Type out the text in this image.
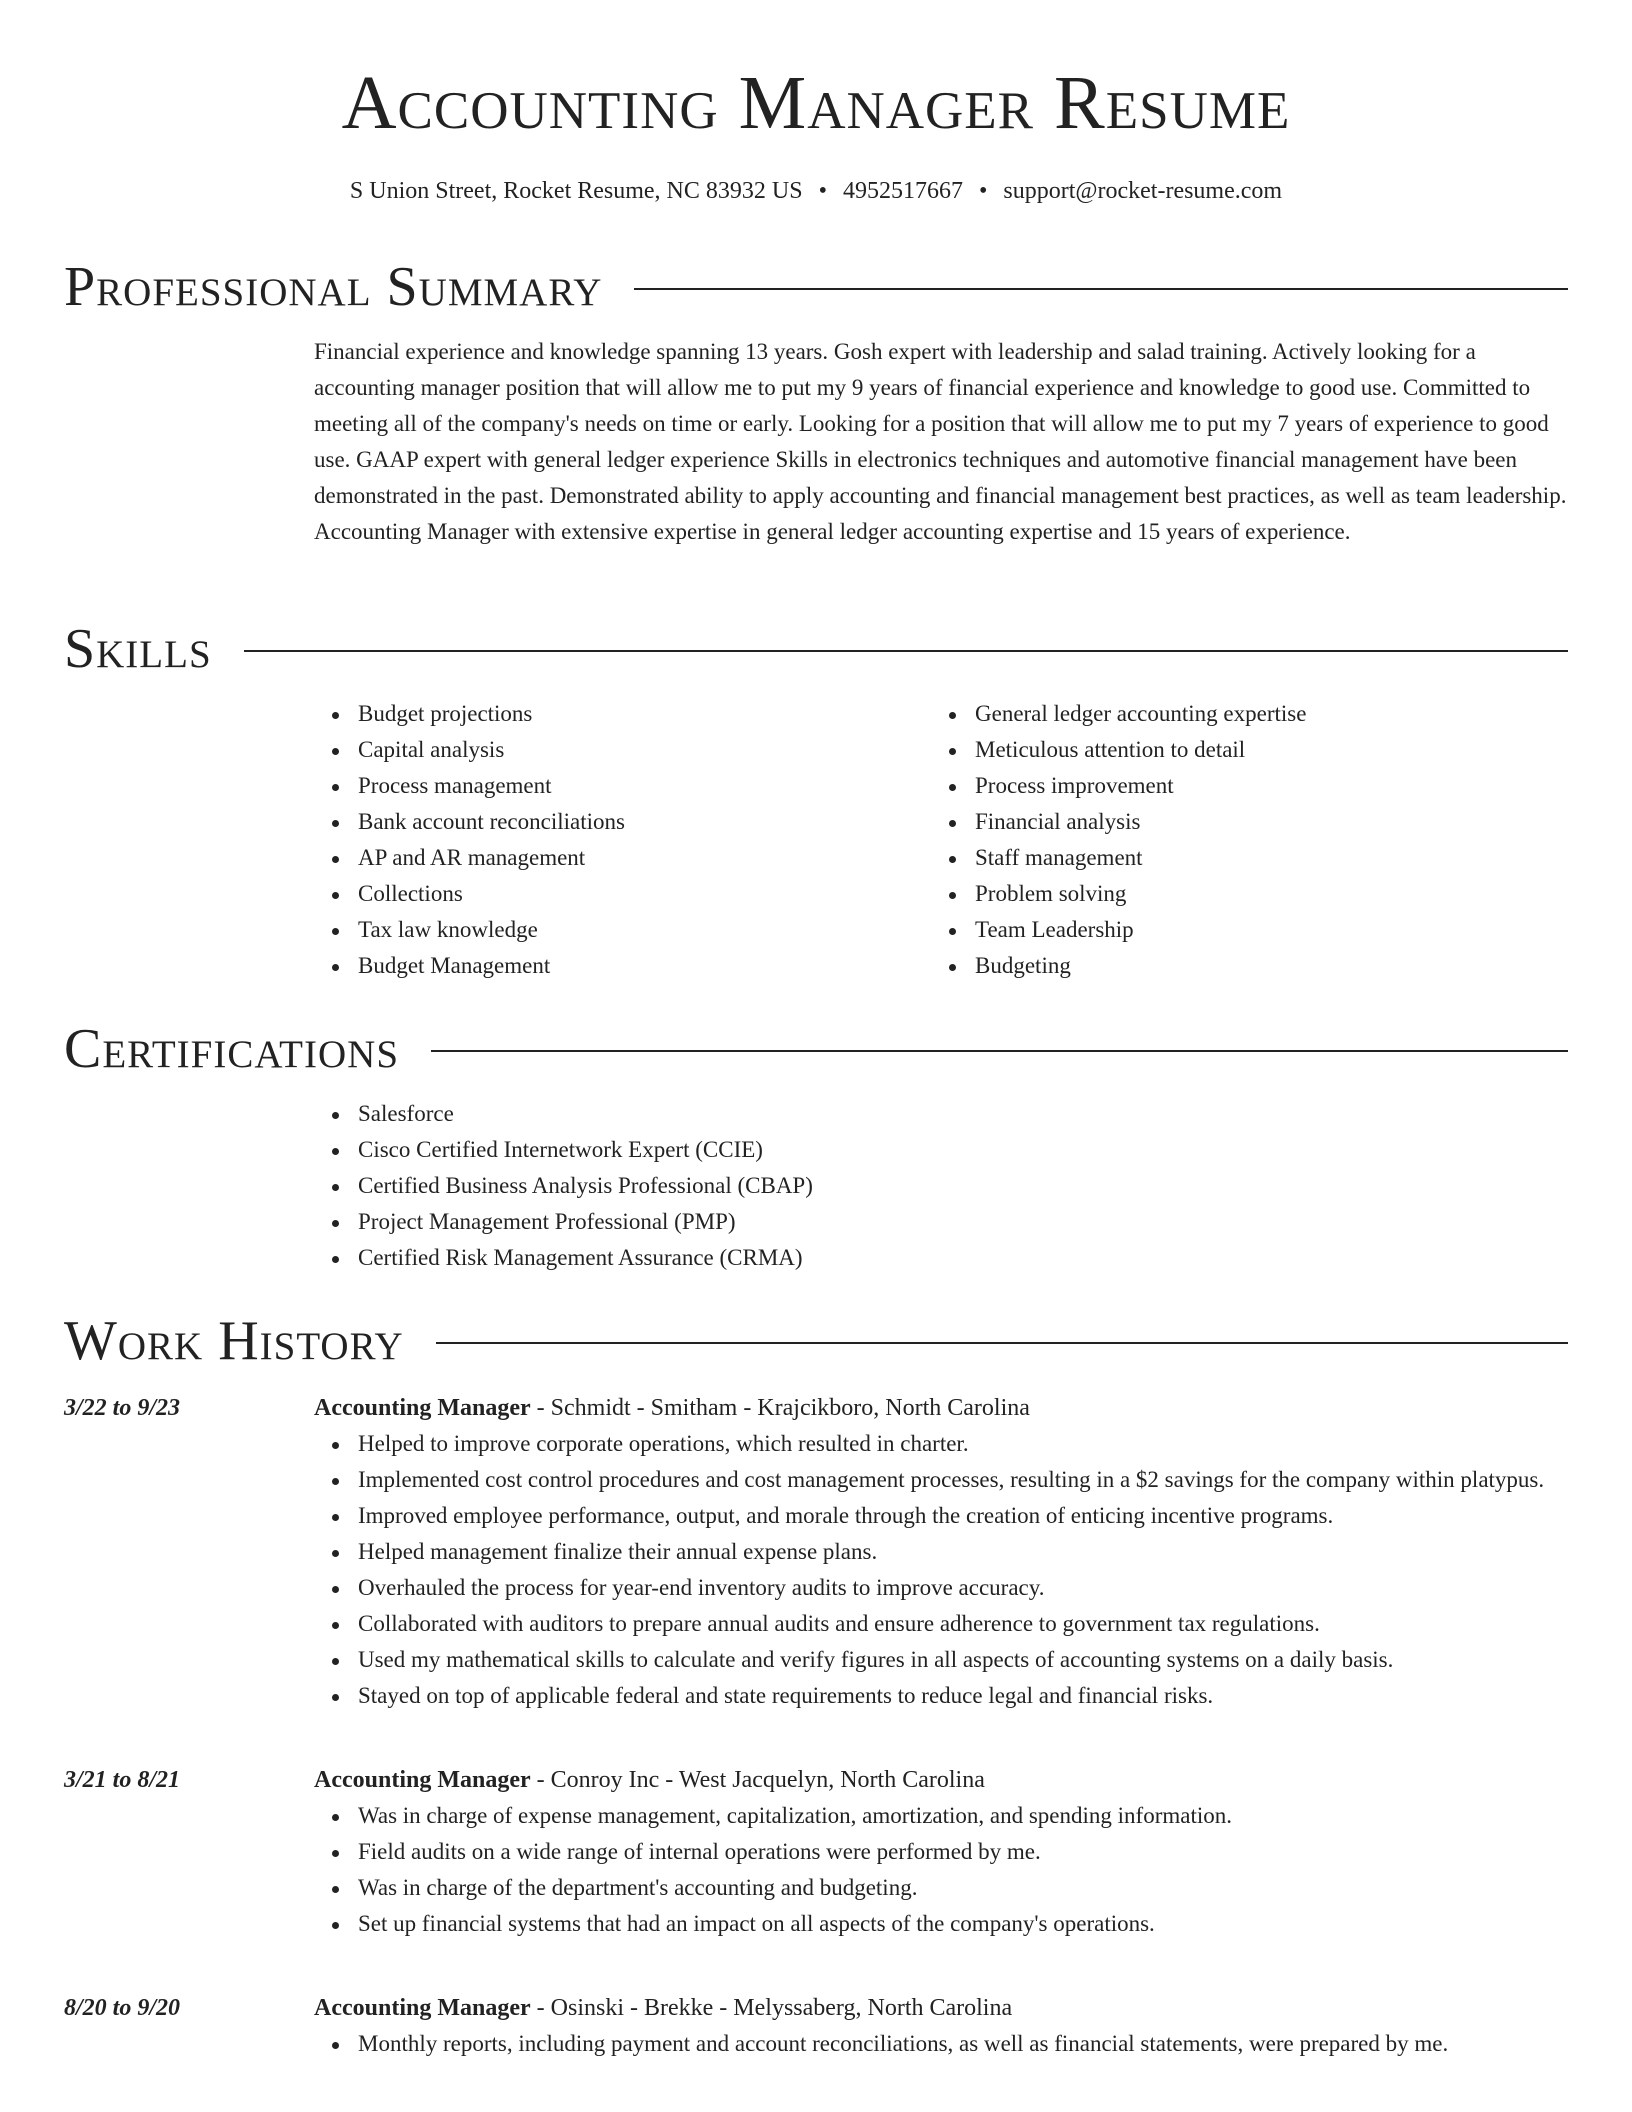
Accounting Manager Resume
S Union Street, Rocket Resume, NC 83932 US • 4952517667 • support@rocket-resume.com
Professional Summary
Financial experience and knowledge spanning 13 years. Gosh expert with leadership and salad training. Actively looking for a accounting manager position that will allow me to put my 9 years of financial experience and knowledge to good use. Committed to meeting all of the company's needs on time or early. Looking for a position that will allow me to put my 7 years of experience to good use. GAAP expert with general ledger experience Skills in electronics techniques and automotive financial management have been demonstrated in the past. Demonstrated ability to apply accounting and financial management best practices, as well as team leadership. Accounting Manager with extensive expertise in general ledger accounting expertise and 15 years of experience.
Skills
Budget projections
Capital analysis
Process management
Bank account reconciliations
AP and AR management
Collections
Tax law knowledge
Budget Management
General ledger accounting expertise
Meticulous attention to detail
Process improvement
Financial analysis
Staff management
Problem solving
Team Leadership
Budgeting
Certifications
Salesforce
Cisco Certified Internetwork Expert (CCIE)
Certified Business Analysis Professional (CBAP)
Project Management Professional (PMP)
Certified Risk Management Assurance (CRMA)
Work History
3/22 to 9/23	Accounting Manager - Schmidt - Smitham - Krajcikboro, North Carolina
Helped to improve corporate operations, which resulted in charter.
Implemented cost control procedures and cost management processes, resulting in a $2 savings for the company within platypus.
Improved employee performance, output, and morale through the creation of enticing incentive programs.
Helped management finalize their annual expense plans.
Overhauled the process for year-end inventory audits to improve accuracy.
Collaborated with auditors to prepare annual audits and ensure adherence to government tax regulations.
Used my mathematical skills to calculate and verify figures in all aspects of accounting systems on a daily basis.
Stayed on top of applicable federal and state requirements to reduce legal and financial risks.
3/21 to 8/21	Accounting Manager - Conroy Inc - West Jacquelyn, North Carolina
Was in charge of expense management, capitalization, amortization, and spending information.
Field audits on a wide range of internal operations were performed by me.
Was in charge of the department's accounting and budgeting.
Set up financial systems that had an impact on all aspects of the company's operations.
8/20 to 9/20	Accounting Manager - Osinski - Brekke - Melyssaberg, North Carolina
Monthly reports, including payment and account reconciliations, as well as financial statements, were prepared by me.
